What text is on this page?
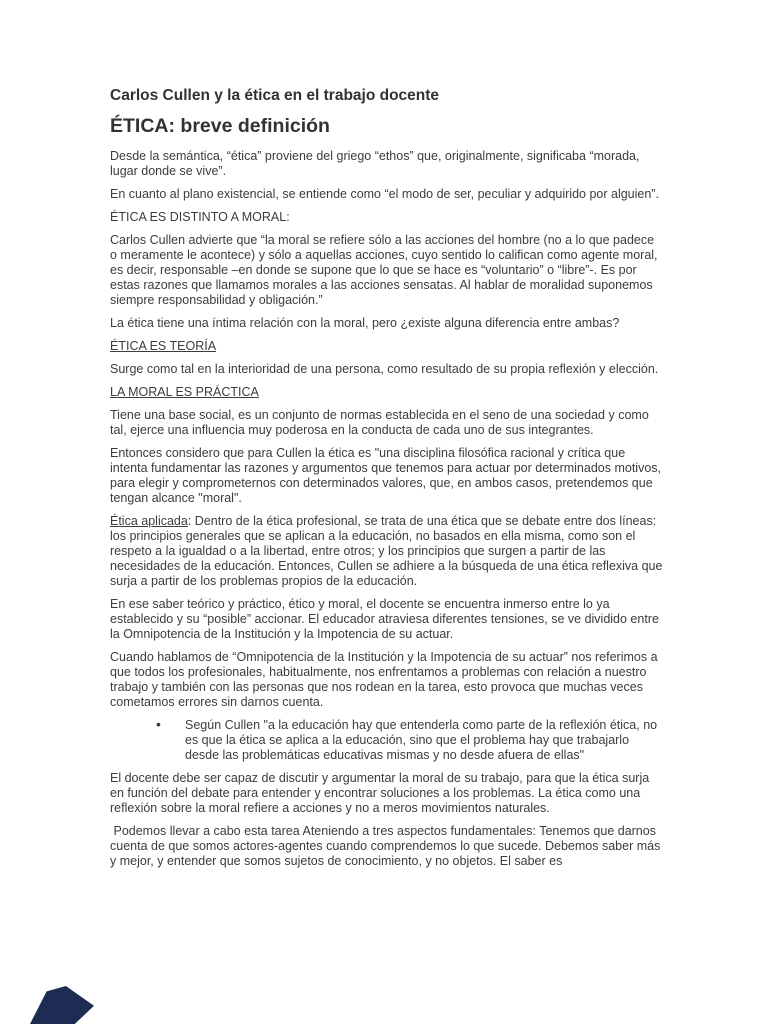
Carlos Cullen y la ética en el trabajo docente
ÉTICA: breve definición

Desde la semántica, “ética” proviene del griego “ethos” que, originalmente, significaba “morada, lugar donde se vive”.

En cuanto al plano existencial, se entiende como “el modo de ser, peculiar y adquirido por alguien”.

ÉTICA ES DISTINTO A MORAL:

Carlos Cullen advierte que “la moral se refiere sólo a las acciones del hombre (no a lo que padece o meramente le acontece) y sólo a aquellas acciones, cuyo sentido lo califican como agente moral, es decir, responsable –en donde se supone que lo que se hace es “voluntario” o “libre”-. Es por estas razones que llamamos morales a las acciones sensatas. Al hablar de moralidad suponemos siempre responsabilidad y obligación.”

La ética tiene una íntima relación con la moral, pero ¿existe alguna diferencia entre ambas?

ÉTICA ES TEORÍA

Surge como tal en la interioridad de una persona, como resultado de su propia reflexión y elección.

LA MORAL ES PRÁCTICA

Tiene una base social, es un conjunto de normas establecida en el seno de una sociedad y como tal, ejerce una influencia muy poderosa en la conducta de cada uno de sus integrantes.

Entonces considero que para Cullen la ética es "una disciplina filosófica racional y crítica que intenta fundamentar las razones y argumentos que tenemos para actuar por determinados motivos, para elegir y comprometernos con determinados valores, que, en ambos casos, pretendemos que tengan alcance "moral".

Ética aplicada: Dentro de la ética profesional, se trata de una ética que se debate entre dos líneas: los principios generales que se aplican a la educación, no basados en ella misma, como son el respeto a la igualdad o a la libertad, entre otros; y los principios que surgen a partir de las necesidades de la educación. Entonces, Cullen se adhiere a la búsqueda de una ética reflexiva que surja a partir de los problemas propios de la educación.

En ese saber teórico y práctico, ético y moral, el docente se encuentra inmerso entre lo ya establecido y su “posible” accionar. El educador atraviesa diferentes tensiones, se ve dividido entre la Omnipotencia de la Institución y la Impotencia de su actuar.

Cuando hablamos de “Omnipotencia de la Institución y la Impotencia de su actuar” nos referimos a que todos los profesionales, habitualmente, nos enfrentamos a problemas con relación a nuestro trabajo y también con las personas que nos rodean en la tarea, esto provoca que muchas veces cometamos errores sin darnos cuenta.

Según Cullen "a la educación hay que entenderla como parte de la reflexión ética, no es que la ética se aplica a la educación, sino que el problema hay que trabajarlo desde las problemáticas educativas mismas y no desde afuera de ellas"

El docente debe ser capaz de discutir y argumentar la moral de su trabajo, para que la ética surja en función del debate para entender y encontrar soluciones a los problemas. La ética como una reflexión sobre la moral refiere a acciones y no a meros movimientos naturales.

Podemos llevar a cabo esta tarea Ateniendo a tres aspectos fundamentales: Tenemos que darnos cuenta de que somos actores-agentes cuando comprendemos lo que sucede. Debemos saber más y mejor, y entender que somos sujetos de conocimiento, y no objetos. El saber es
